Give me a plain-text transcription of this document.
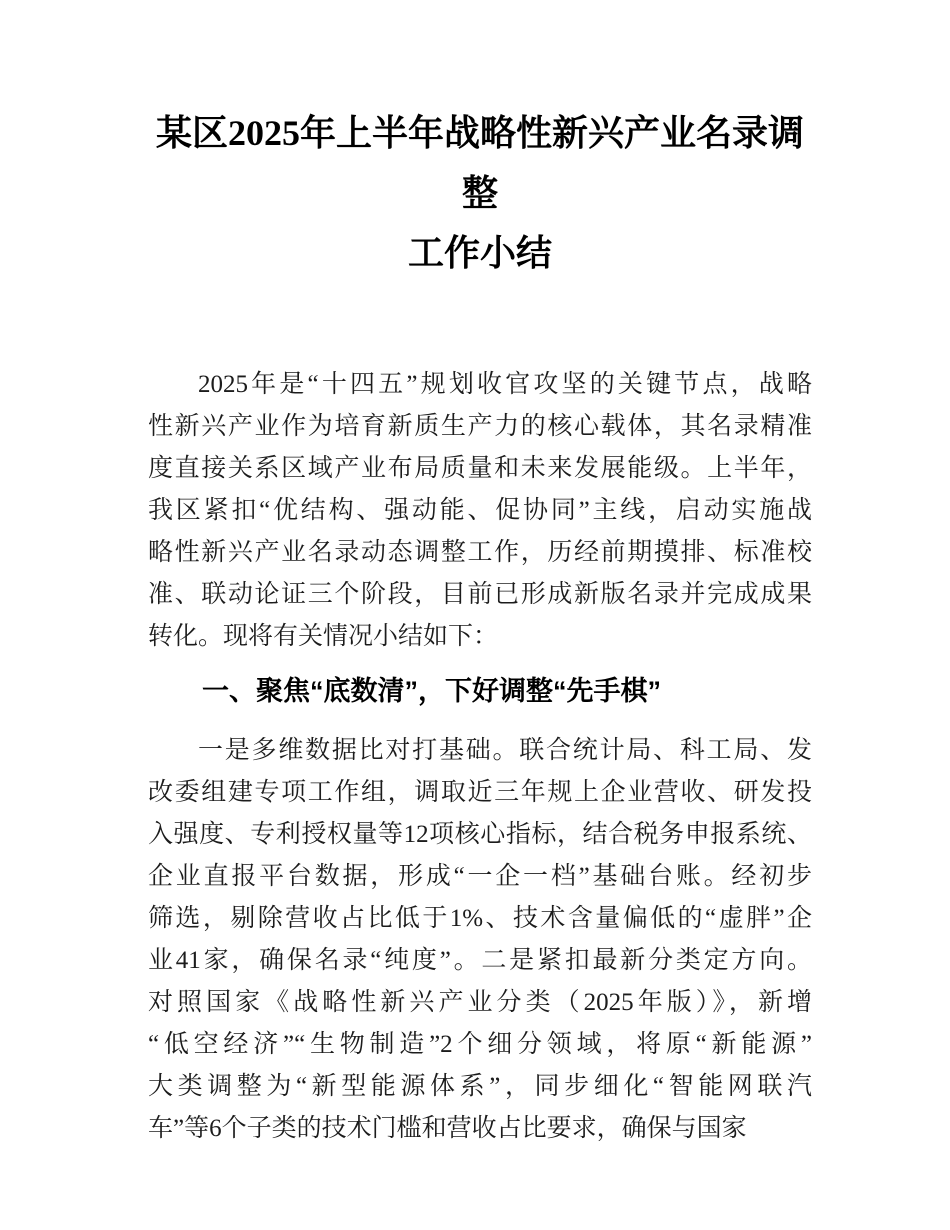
某区2025年上半年战略性新兴产业名录调整
工作小结
2025年是“十四五”规划收官攻坚的关键节点，战略
性新兴产业作为培育新质生产力的核心载体，其名录精准
度直接关系区域产业布局质量和未来发展能级。上半年，
我区紧扣“优结构、强动能、促协同”主线，启动实施战
略性新兴产业名录动态调整工作，历经前期摸排、标准校
准、联动论证三个阶段，目前已形成新版名录并完成成果
转化。现将有关情况小结如下：
一、聚焦“底数清”，下好调整“先手棋”
一是多维数据比对打基础。联合统计局、科工局、发
改委组建专项工作组，调取近三年规上企业营收、研发投
入强度、专利授权量等12项核心指标，结合税务申报系统、
企业直报平台数据，形成“一企一档”基础台账。经初步
筛选，剔除营收占比低于1%、技术含量偏低的“虚胖”企
业41家，确保名录“纯度”。二是紧扣最新分类定方向。
对照国家《战略性新兴产业分类（2025年版）》，新增
“低空经济”“生物制造”2个细分领域，将原“新能源”
大类调整为“新型能源体系”，同步细化“智能网联汽
车”等6个子类的技术门槛和营收占比要求，确保与国家
